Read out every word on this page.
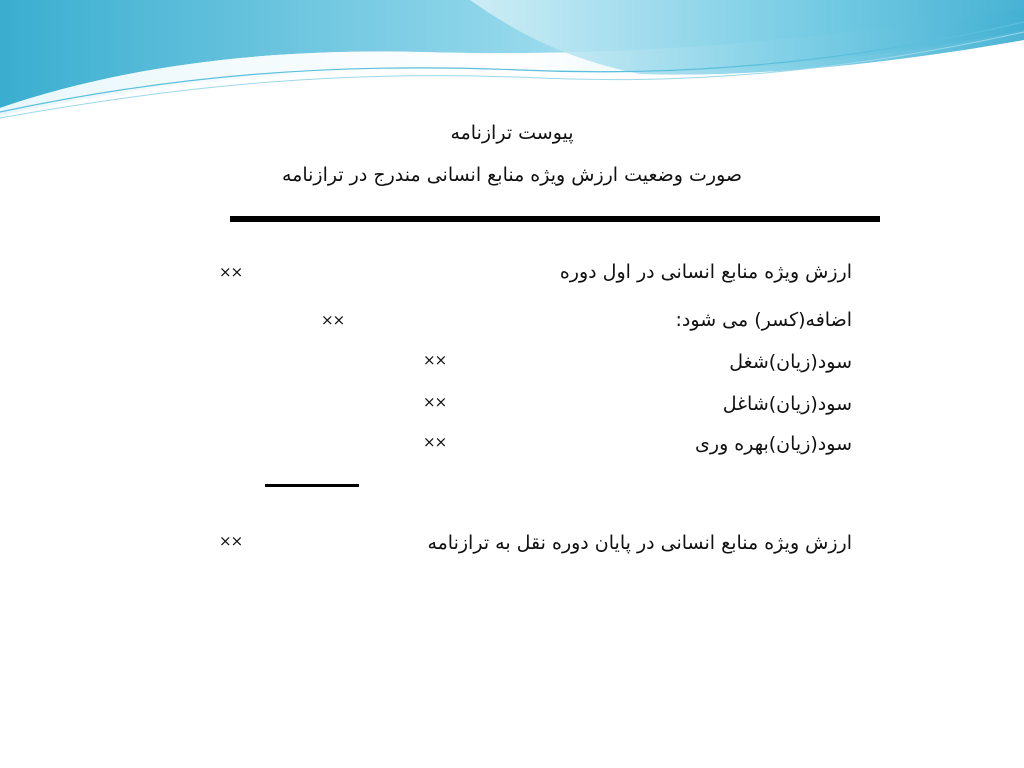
پیوست ترازنامه
صورت وضعیت ارزش ویژه منابع انسانی مندرج در ترازنامه
ارزش ویژه منابع انسانی در اول دوره
××
اضافه(کسر) می شود:
××
سود(زیان)شغل
××
سود(زیان)شاغل
××
سود(زیان)بهره وری
××
ارزش ویژه منابع انسانی در پایان دوره نقل به ترازنامه
××
